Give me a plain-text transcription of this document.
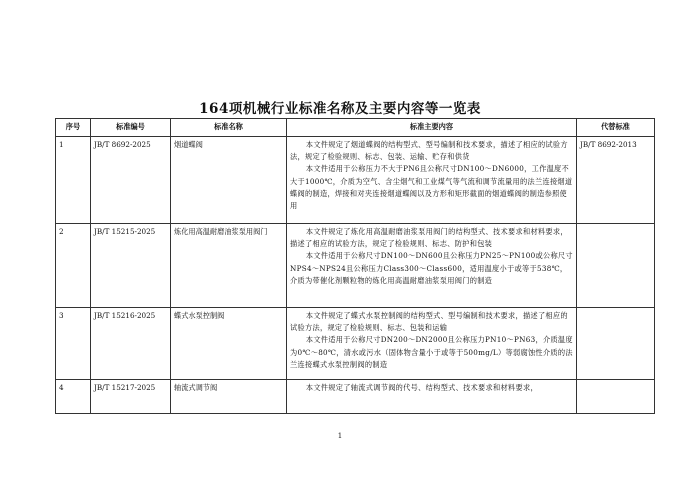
164项机械行业标准名称及主要内容等一览表
序号	标准编号	标准名称	标准主要内容	代替标准
1	JB/T 8692-2025	烟道蝶阀	本文件规定了烟道蝶阀的结构型式、型号编制和技术要求，描述了相应的试验方法，规定了检验规则、标志、包装、运输、贮存和供货
本文件适用于公称压力不大于PN6且公称尺寸DN100～DN6000，工作温度不大于1000℃，介质为空气、含尘烟气和工业煤气等气流和调节流量用的法兰连接烟道蝶阀的制造，焊接和对夹连接烟道蝶阀以及方形和矩形截面的烟道蝶阀的制造参照使用	JB/T 8692-2013
2	JB/T 15215-2025	炼化用高温耐磨油浆泵用阀门	本文件规定了炼化用高温耐磨油浆泵用阀门的结构型式、技术要求和材料要求，描述了相应的试验方法，规定了检验规则、标志、防护和包装
本文件适用于公称尺寸DN100～DN600且公称压力PN25～PN100或公称尺寸NPS4～NPS24且公称压力Class300～Class600，适用温度小于或等于538℃，介质为带催化剂颗粒物的炼化用高温耐磨油浆泵用阀门的制造	

3	JB/T 15216-2025	蝶式水泵控制阀	本文件规定了蝶式水泵控制阀的结构型式、型号编制和技术要求，描述了相应的试验方法，规定了检验规则、标志、包装和运输
本文件适用于公称尺寸DN200～DN2000且公称压力PN10～PN63，介质温度为0℃～80℃，清水或污水（固体物含量小于或等于500mg/L）等弱腐蚀性介质的法兰连接蝶式水泵控制阀的制造	

4	JB/T 15217-2025	轴流式调节阀	本文件规定了轴流式调节阀的代号、结构型式、技术要求和材料要求，	

1
